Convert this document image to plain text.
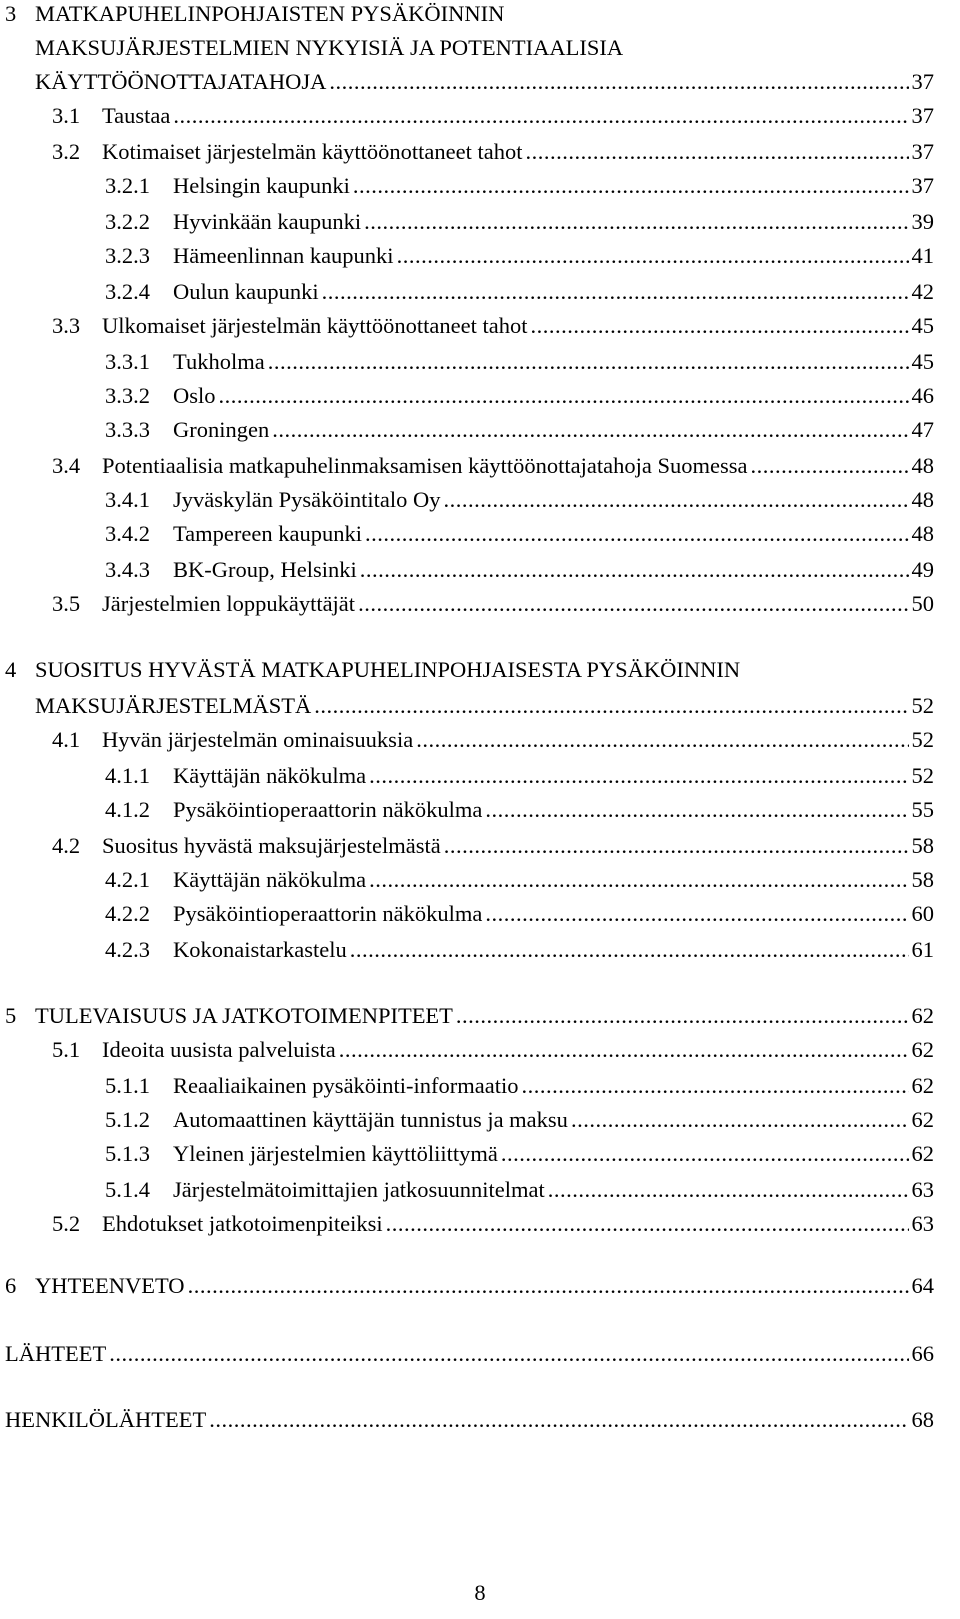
3 MATKAPUHELINPOHJAISTEN PYSÄKÖINNIN
MAKSUJÄRJESTELMIEN NYKYISIÄ JA POTENTIAALISIA
KÄYTTÖÖNOTTAJATAHOJA .....	37
3.1 Taustaa .....	37
3.2 Kotimaiset järjestelmän käyttöönottaneet tahot .....	37
3.2.1	Helsingin kaupunki .....	37
3.2.2	Hyvinkään kaupunki .....	39
3.2.3	Hämeenlinnan kaupunki .....	41
3.2.4	Oulun kaupunki .....	42
3.3 Ulkomaiset järjestelmän käyttöönottaneet tahot .....	45
3.3.1	Tukholma .....	45
3.3.2	Oslo .....	46
3.3.3	Groningen .....	47
3.4 Potentiaalisia matkapuhelinmaksamisen käyttöönottajatahoja Suomessa .....	48
3.4.1	Jyväskylän Pysäköintitalo Oy .....	48
3.4.2	Tampereen kaupunki .....	48
3.4.3	BK-Group, Helsinki .....	49
3.5 Järjestelmien loppukäyttäjät .....	50
4 SUOSITUS HYVÄSTÄ MATKAPUHELINPOHJAISESTA PYSÄKÖINNIN
MAKSUJÄRJESTELMÄSTÄ .....	52
4.1 Hyvän järjestelmän ominaisuuksia .....	52
4.1.1	Käyttäjän näkökulma .....	52
4.1.2	Pysäköintioperaattorin näkökulma .....	55
4.2 Suositus hyvästä maksujärjestelmästä .....	58
4.2.1	Käyttäjän näkökulma .....	58
4.2.2	Pysäköintioperaattorin näkökulma .....	60
4.2.3	Kokonaistarkastelu .....	61
5 TULEVAISUUS JA JATKOTOIMENPITEET .....	62
5.1 Ideoita uusista palveluista .....	62
5.1.1	Reaaliaikainen pysäköinti-informaatio .....	62
5.1.2	Automaattinen käyttäjän tunnistus ja maksu .....	62
5.1.3	Yleinen järjestelmien käyttöliittymä .....	62
5.1.4	Järjestelmätoimittajien jatkosuunnitelmat .....	63
5.2 Ehdotukset jatkotoimenpiteiksi .....	63
6 YHTEENVETO .....	64
LÄHTEET .....	66
HENKILÖLÄHTEET .....	68
8
